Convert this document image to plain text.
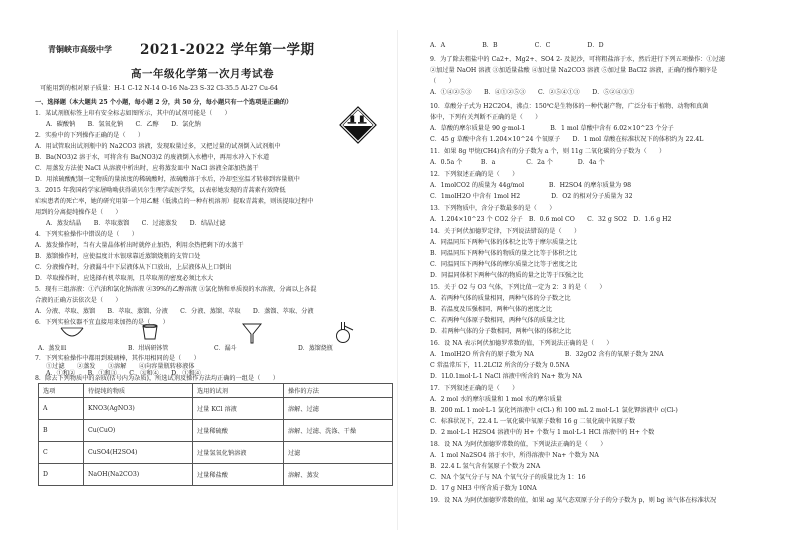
青铜峡市高级中学 2021-2022 学年第一学期
高一年级化学第一次月考试卷
可能用到的相对原子质量：H-1 C-12 N-14 O-16 Na-23 S-32 Cl-35.5 Al-27 Cu-64
一、选择题（本大题共 25 个小题，每小题 2 分，共 50 分，每小题只有一个选项是正确的）
1．某试剂瓶标签上印有安全标志如图所示，其中的试剂可能是（　　）
A．碳酸钠　　B．氢氧化钠　　C．乙醇　　D．氯化钠
2．实验中的下列操作正确的是（　　）
A．用试管取出试剂瓶中的 Na2CO3 溶液，发现取量过多，又把过量的试剂倒入试剂瓶中
B．Ba(NO3)2 溶于水，可将含有 Ba(NO3)2 的废液倒入水槽中，再用水冲入下水道
C．用蒸发方法使 NaCl 从溶液中析出时，应将蒸发皿中 NaCl 溶液全部加热蒸干
D．用浓硫酸配制一定物质的量浓度的稀硫酸时，浓硫酸溶于水后，冷却至室温才转移到容量瓶中
3．2015 年我国药学家屠呦呦获得诺贝尔生理学或医学奖，以表彰她发现的青蒿素有效降低
疟疾患者的死亡率，她的研究用第一个用乙醚（低沸点的一种有机溶剂）提取青蒿素，则该提取过程中
用到的分离提纯操作是（　　）
A．蒸发结晶　　B．萃取蒸馏　　C．过滤蒸发　　D．结晶过滤
4．下列实验操作中错误的是（　　）
A．蒸发操作时，当有大量晶体析出时就停止加热，利用余热把剩下的水蒸干
B．蒸馏操作时，应使温度计水银球靠近蒸馏烧瓶的支管口处
C．分液操作时，分液漏斗中下层液体从下口放出，上层液体从上口倒出
D．萃取操作时，应选择有机萃取剂，且萃取剂的密度必须比水大
5．现有三组溶液：①汽油和氯化钠溶液 ②39%的乙醇溶液 ③氯化钠和单质溴的水溶液，分离以上各混
合液的正确方法依次是（　　）
A．分液、萃取、蒸馏　　B．萃取、蒸馏、分液　　C．分液、蒸馏、萃取　　D．蒸馏、萃取、分液
6．下列实验仪器不宜直接用来加热的是（　　）
A．蒸发皿	B．坩埚研钵管	C．漏斗	D．蒸馏烧瓶
7．下列实验操作中都用到玻璃棒，其作用相同的是（　　）
①过滤　　②蒸发　　③溶解　　④向容量瓶转移液体
A．①和②　　B．①和③　　C．③和④　　D．①和④
8．除去下列物质中的杂质(括号内为杂质)，所选试剂及操作方法均正确的一组是（　　）
选项	待提纯的物质	选用的试剂	操作的方法
A	KNO3(AgNO3)	过量 KCl 溶液	溶解、过滤
B	Cu(CuO)	过量稀硫酸	溶解、过滤、洗涤、干燥
C	CuSO4(H2SO4)	过量氢氧化钠溶液	过滤
D	NaOH(Na2CO3)	过量稀盐酸	溶解、蒸发
A．A　　　　　　B．B　　　　　　C．C　　　　　　D．D
9．为了除去粗盐中的 Ca2+、Mg2+、SO4 2- 及泥沙，可将粗盐溶于水，然后进行下列五项操作：①过滤
②加过量 NaOH 溶液 ③加适量盐酸 ④加过量 Na2CO3 溶液 ⑤加过量 BaCl2 溶液，正确的操作顺序是
（　　）
A．①④②⑤③　　B．④①②⑤③　　C．②⑤④①③　　D．⑤②④③①
10．草酸分子式为 H2C2O4，沸点：150℃是生物体的一种代谢产物，广泛分布于植物、动物和真菌
体中，下列有关判断不正确的是（　　）
A．草酸的摩尔质量是 90 g·mol-1　　　　B．1 mol 草酸中含有 6.02×10^23 个分子
C．45 g 草酸中含有 1.204×10^24 个氧原子　　D．1 mol 草酸在标准状况下的体积约为 22.4L
11．如果 8g 甲烷(CH4)含有的分子数为 a 个，则 11g 二氧化碳的分子数为（　　）
A．0.5a 个　　　B．a　　　　　C．2a 个　　　　D．4a 个
12．下列叙述正确的是（　　）
A．1molCO2 的质量为 44g/mol　　　　B．H2SO4 的摩尔质量为 98
C．1molH2O 中含有 1mol H2　　　　　D．O2 的相对分子质量为 32
13．下列物质中，含分子数最多的是（　　）
A．1.204×10^23 个 CO2 分子　B．0.6 mol CO　　C．32 g SO2　D．1.6 g H2
14．关于阿伏加德罗定律，下列说法错误的是（　　）
A．同温同压下两种气体的体积之比等于摩尔质量之比
B．同温同压下两种气体的物质的量之比等于体积之比
C．同温同压下两种气体的摩尔质量之比等于密度之比
D．同温同体积下两种气体的物质的量之比等于压强之比
15．关于 O2 与 O3 气体，下列比值一定为 2：3 的是（　　）
A．若两种气体的质量相同，两种气体的分子数之比
B．若温度及压强相同，两种气体的密度之比
C．若两种气体原子数相同，两种气体的质量之比
D．若两种气体的分子数相同，两种气体的体积之比
16．设 NA 表示阿伏加德罗常数的值，下列说法正确的是（　　）
A．1molH2O 所含有的原子数为 NA　　　　　B．32gO2 含有的氧原子数为 2NA
C 常温常压下，11.2LCl2 所含的分子数为 0.5NA
D．1L0.1mol·L-1 NaCl 溶液中所含的 Na+ 数为 NA
17．下列叙述正确的是（　　）
A．2 mol 水的摩尔质量和 1 mol 水的摩尔质量
B．200 mL 1 mol·L-1 氯化钙溶液中 c(Cl-) 和 100 mL 2 mol·L-1 氯化钾溶液中 c(Cl-)
C．标准状况下，22.4 L 一氧化碳中氧原子数和 16 g 二氧化硫中氧原子数
D．2 mol·L-1 H2SO4 溶液中的 H+ 个数与 1 mol·L-1 HCl 溶液中的 H+ 个数
18．设 NA 为阿伏加德罗常数的值，下列说法正确的是（　　）
A．1 mol Na2SO4 溶于水中，所得溶液中 Na+ 个数为 NA
B．22.4 L 氢气含有氢原子个数为 2NA
C．NA 个氢气分子与 NA 个氧气分子的质量比为 1：16
D．17 g NH3 中所含质子数为 10NA
19．设 NA 为阿伏加德罗常数的值，如果 ag 某气态双原子分子的分子数为 p，则 bg 该气体在标准状况
